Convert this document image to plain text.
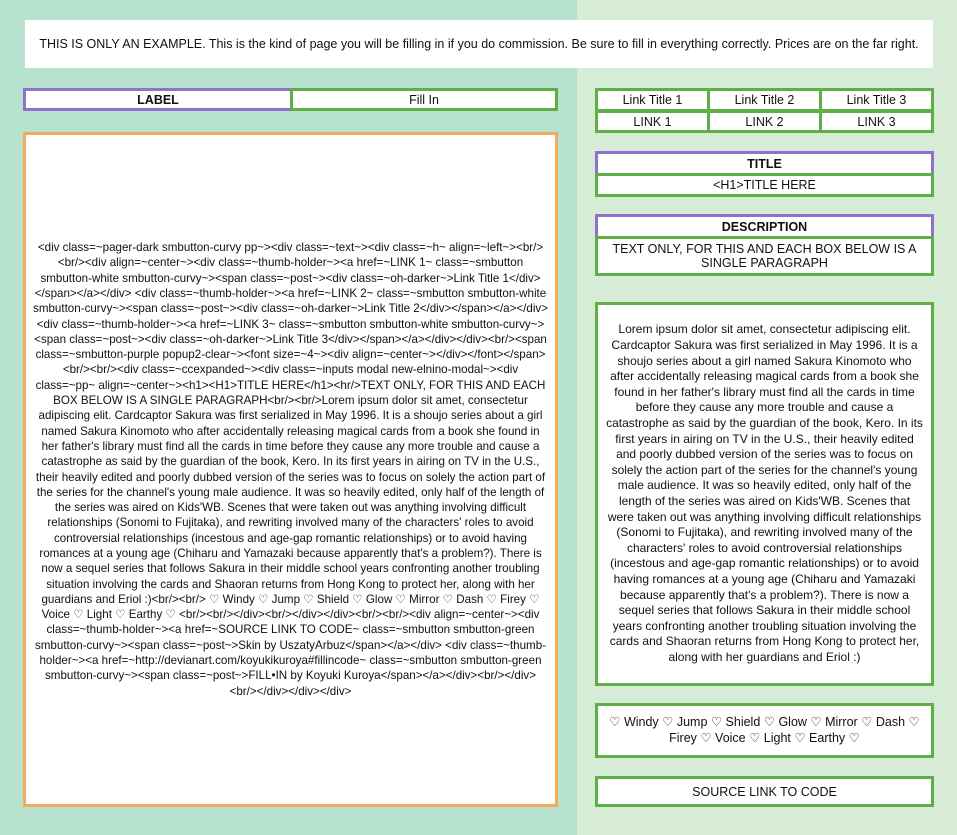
THIS IS ONLY AN EXAMPLE. This is the kind of page you will be filling in if you do commission. Be sure to fill in everything correctly. Prices are on the far right.
LABEL	Fill In
<div class=~pager-dark smbutton-curvy pp~><div class=~text~><div class=~h~ align=~left~><br/><br/><div align=~center~><div class=~thumb-holder~><a href=~LINK 1~ class=~smbutton smbutton-white smbutton-curvy~><span class=~post~><div class=~oh-darker~>Link Title 1</div></span></a></div> <div class=~thumb-holder~><a href=~LINK 2~ class=~smbutton smbutton-white smbutton-curvy~><span class=~post~><div class=~oh-darker~>Link Title 2</div></span></a></div> <div class=~thumb-holder~><a href=~LINK 3~ class=~smbutton smbutton-white smbutton-curvy~><span class=~post~><div class=~oh-darker~>Link Title 3</div></span></a></div></div><br/><span class=~smbutton-purple popup2-clear~><font size=~4~><div align=~center~></div></font></span><br/><br/><div class=~ccexpanded~><div class=~inputs modal new-elnino-modal~><div class=~pp~ align=~center~><h1><H1>TITLE HERE</h1><hr/>TEXT ONLY, FOR THIS AND EACH BOX BELOW IS A SINGLE PARAGRAPH<br/><br/>Lorem ipsum dolor sit amet, consectetur adipiscing elit. Cardcaptor Sakura was first serialized in May 1996. It is a shoujo series about a girl named Sakura Kinomoto who after accidentally releasing magical cards from a book she found in her father's library must find all the cards in time before they cause any more trouble and cause a catastrophe as said by the guardian of the book, Kero. In its first years in airing on TV in the U.S., their heavily edited and poorly dubbed version of the series was to focus on solely the action part of the series for the channel's young male audience. It was so heavily edited, only half of the length of the series was aired on Kids'WB. Scenes that were taken out was anything involving difficult relationships (Sonomi to Fujitaka), and rewriting involved many of the characters' roles to avoid controversial relationships (incestous and age-gap romantic relationships) or to avoid having romances at a young age (Chiharu and Yamazaki because apparently that's a problem?). There is now a sequel series that follows Sakura in their middle school years confronting another troubling situation involving the cards and Shaoran returns from Hong Kong to protect her, along with her guardians and Eriol :)<br/><br/> ♡ Windy ♡ Jump ♡ Shield ♡ Glow ♡ Mirror ♡ Dash ♡ Firey ♡ Voice ♡ Light ♡ Earthy ♡ <br/><br/></div><br/></div></div><br/><br/><div align=~center~><div class=~thumb-holder~><a href=~SOURCE LINK TO CODE~ class=~smbutton smbutton-green smbutton-curvy~><span class=~post~>Skin by UszatyArbuz</span></a></div> <div class=~thumb-holder~><a href=~http://devianart.com/koyukikuroya#fillincode~ class=~smbutton smbutton-green smbutton-curvy~><span class=~post~>FILL•IN by Koyuki Kuroya</span></a></div><br/></div><br/></div></div></div>
Link Title 1	Link Title 2	Link Title 3
LINK 1	LINK 2	LINK 3
TITLE
<H1>TITLE HERE
DESCRIPTION
TEXT ONLY, FOR THIS AND EACH BOX BELOW IS A SINGLE PARAGRAPH
Lorem ipsum dolor sit amet, consectetur adipiscing elit. Cardcaptor Sakura was first serialized in May 1996. It is a shoujo series about a girl named Sakura Kinomoto who after accidentally releasing magical cards from a book she found in her father's library must find all the cards in time before they cause any more trouble and cause a catastrophe as said by the guardian of the book, Kero. In its first years in airing on TV in the U.S., their heavily edited and poorly dubbed version of the series was to focus on solely the action part of the series for the channel's young male audience. It was so heavily edited, only half of the length of the series was aired on Kids'WB. Scenes that were taken out was anything involving difficult relationships (Sonomi to Fujitaka), and rewriting involved many of the characters' roles to avoid controversial relationships (incestous and age-gap romantic relationships) or to avoid having romances at a young age (Chiharu and Yamazaki because apparently that's a problem?). There is now a sequel series that follows Sakura in their middle school years confronting another troubling situation involving the cards and Shaoran returns from Hong Kong to protect her, along with her guardians and Eriol :)
♡ Windy ♡ Jump ♡ Shield ♡ Glow ♡ Mirror ♡ Dash ♡ Firey ♡ Voice ♡ Light ♡ Earthy ♡
SOURCE LINK TO CODE
